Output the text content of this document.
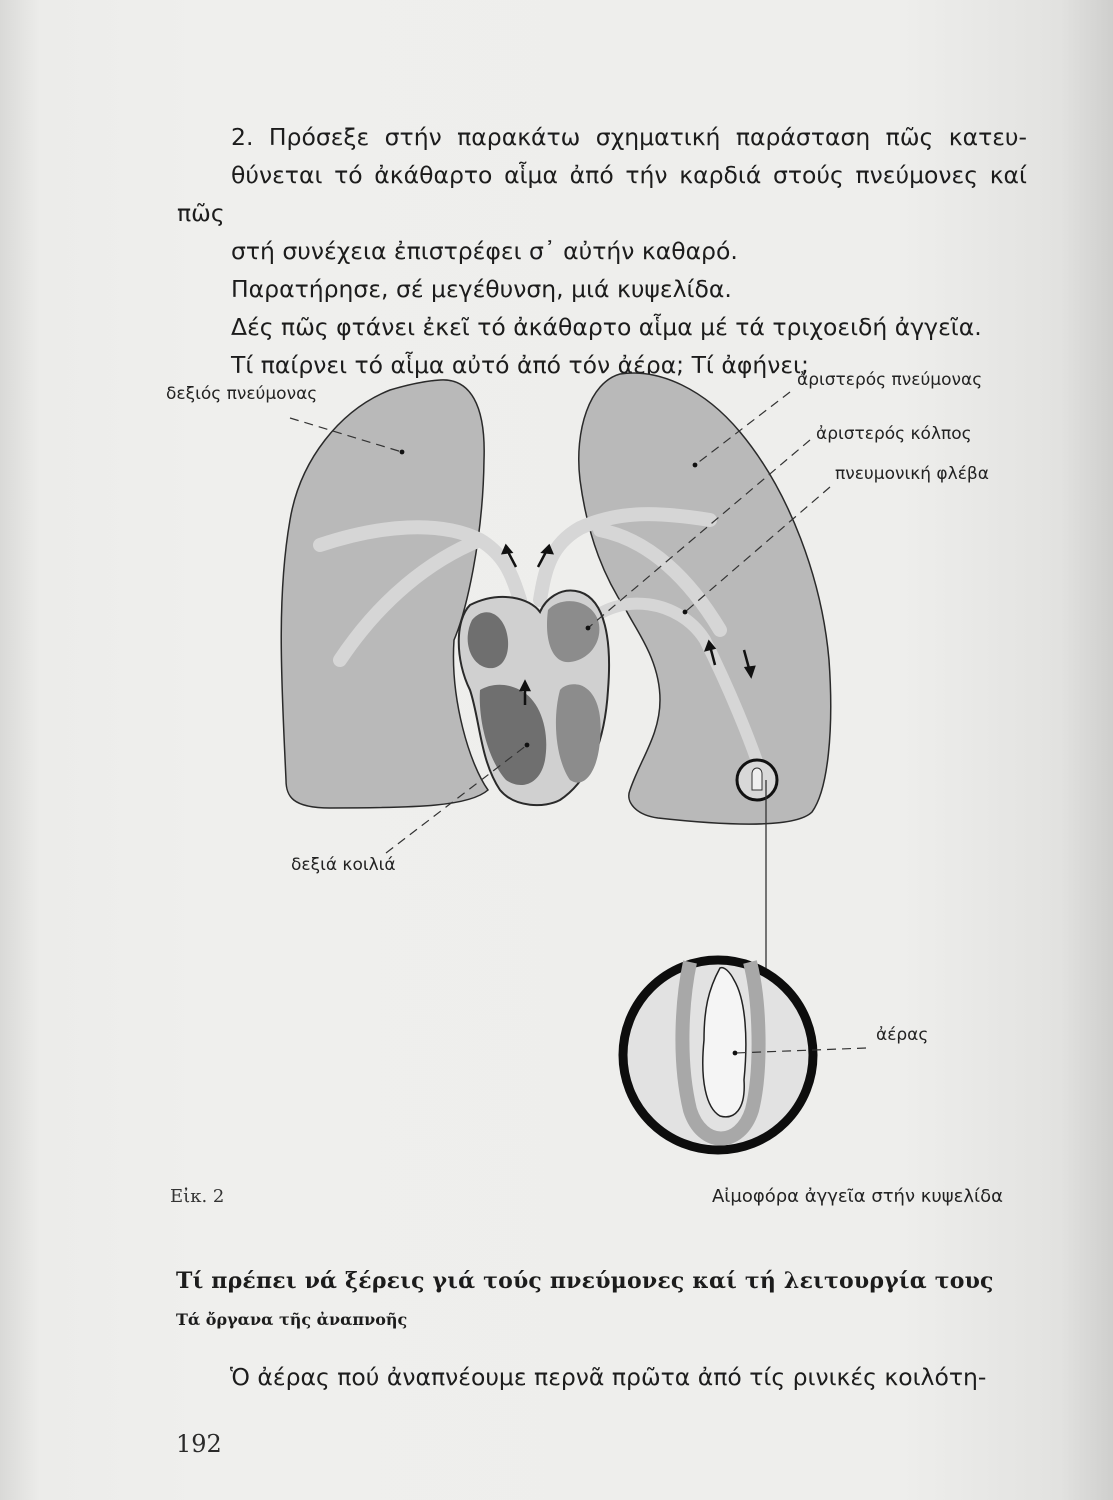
2. Πρόσεξε στήν παρακάτω σχηματική παράσταση πῶς κατευ-
θύνεται τό ἀκάθαρτο αἷμα ἀπό τήν καρδιά στούς πνεύμονες καί πῶς
στή συνέχεια ἐπιστρέφει σ᾿ αὐτήν καθαρό.

Παρατήρησε, σέ μεγέθυνση, μιά κυψελίδα.

Δές πῶς φτάνει ἐκεῖ τό ἀκάθαρτο αἷμα μέ τά τριχοειδή ἀγγεῖα.

Τί παίρνει τό αἷμα αὐτό ἀπό τόν ἀέρα; Τί ἀφήνει;

δεξιός πνεύμονας
ἀριστερός πνεύμονας
ἀριστερός κόλπος
πνευμονική φλέβα
δεξιά κοιλιά
ἀέρας
Εἰκ. 2	Αἰμοφόρα ἀγγεῖα στήν κυψελίδα
Τί πρέπει νά ξέρεις γιά τούς πνεύμονες καί τή λειτουργία τους
Τά ὄργανα τῆς ἀναπνοῆς
Ὁ ἀέρας πού ἀναπνέουμε περνᾶ πρῶτα ἀπό τίς ρινικές κοιλότη-
192
